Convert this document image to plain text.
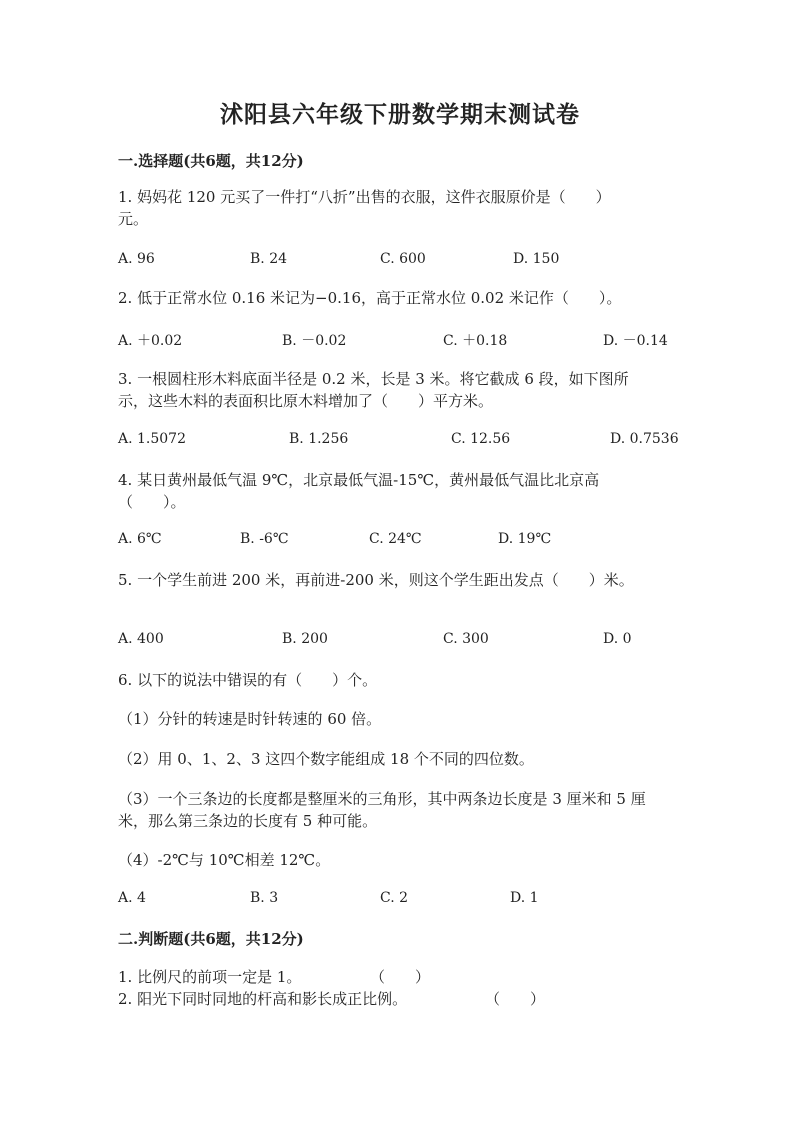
沭阳县六年级下册数学期末测试卷
一.选择题(共6题，共12分)
1. 妈妈花 120 元买了一件打“八折”出售的衣服，这件衣服原价是（　　）
元。
A. 96	B. 24	C. 600	D. 150
2. 低于正常水位 0.16 米记为−0.16，高于正常水位 0.02 米记作（　　）。
A. ＋0.02	B. －0.02	C. ＋0.18	D. －0.14
3. 一根圆柱形木料底面半径是 0.2 米，长是 3 米。将它截成 6 段，如下图所
示，这些木料的表面积比原木料增加了（　　）平方米。
A. 1.5072	B. 1.256	C. 12.56	D. 0.7536
4. 某日黄州最低气温 9℃，北京最低气温-15℃，黄州最低气温比北京高
（　　）。
A. 6℃	B. -6℃	C. 24℃	D. 19℃
5. 一个学生前进 200 米，再前进-200 米，则这个学生距出发点（　　）米。
A. 400	B. 200	C. 300	D. 0
6. 以下的说法中错误的有（　　）个。
（1）分针的转速是时针转速的 60 倍。
（2）用 0、1、2、3 这四个数字能组成 18 个不同的四位数。
（3）一个三条边的长度都是整厘米的三角形，其中两条边长度是 3 厘米和 5 厘
米，那么第三条边的长度有 5 种可能。
（4）-2℃与 10℃相差 12℃。
A. 4	B. 3	C. 2	D. 1
二.判断题(共6题，共12分)
1. 比例尺的前项一定是 1。	（　　）
2. 阳光下同时同地的杆高和影长成正比例。	（　　）
